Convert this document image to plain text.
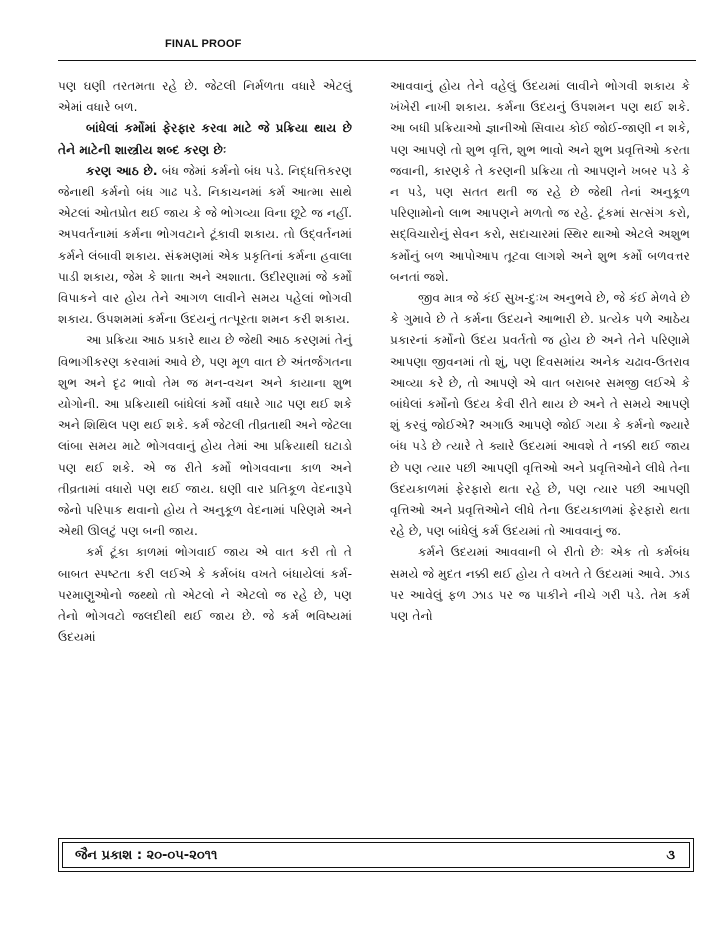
FINAL PROOF

પણ ઘણી તરતમતા રહે છે. જેટલી નિર્મળતા વધારે એટલું એમાં વધારે બળ.

બાંધેલાં કર્મોમાં ફેરફાર કરવા માટે જે પ્રક્રિયા થાય છે તેને માટેની શાસ્ત્રીય શબ્દ કરણ છેઃ

કરણ આઠ છે. બંધ જેમાં કર્મનો બંધ પડે. નિદ્ધત્તિકરણ જેનાથી કર્મનો બંધ ગાઢ પડે. નિકાચનમાં કર્મ આત્મા સાથે એટલાં ઓતપ્રોત થઈ જાય કે જે ભોગવ્યા વિના છૂટે જ નહીં. અપવર્તનામાં કર્મના ભોગવટાને ટૂંકાવી શકાય. તો ઉદ્‌વર્તનમાં કર્મને લંબાવી શકાય. સંક્રમણમાં એક પ્રકૃતિનાં કર્મના હવાલા પાડી શકાય, જેમ કે શાતા અને અશાતા. ઉદીરણામાં જે કર્મો વિપાકને વાર હોય તેને આગળ લાવીને સમય પહેલાં ભોગવી શકાય. ઉપશમમાં કર્મના ઉદયનું તત્પૂરતા શમન કરી શકાય.

આ પ્રક્રિયા આઠ પ્રકારે થાય છે જેથી આઠ કરણમાં તેનું વિભાગીકરણ કરવામાં આવે છે, પણ મૂળ વાત છે અંતર્જગતના શુભ અને દૃઢ ભાવો તેમ જ મન-વચન અને કાયાના શુભ યોગોની. આ પ્રક્રિયાથી બાંધેલાં કર્મો વધારે ગાઢ પણ થઈ શકે અને શિથિલ પણ થઈ શકે. કર્મ જેટલી તીવ્રતાથી અને જેટલા લાંબા સમય માટે ભોગવવાનું હોય તેમાં આ પ્રક્રિયાથી ઘટાડો પણ થઈ શકે. એ જ રીતે કર્મો ભોગવવાના કાળ અને તીવ્રતામાં વધારો પણ થઈ જાય. ઘણી વાર પ્રતિકૂળ વેદનારૂપે જેનો પરિપાક થવાનો હોય તે અનુકૂળ વેદનામાં પરિણમે અને એથી ઊલટું પણ બની જાય.

કર્મ ટૂંકા કાળમાં ભોગવાઈ જાય એ વાત કરી તો તે બાબત સ્પષ્ટતા કરી લઈએ કે કર્મબંધ વખતે બંધાયેલાં કર્મ-પરમાણુઓનો જથ્થો તો એટલો ને એટલો જ રહે છે, પણ તેનો ભોગવટો જલદીથી થઈ જાય છે. જે કર્મ ભવિષ્યમાં ઉદયમાં

આવવાનું હોય તેને વહેલું ઉદયમાં લાવીને ભોગવી શકાય કે ખંખેરી નાખી શકાય. કર્મના ઉદયનું ઉપશમન પણ થઈ શકે. આ બધી પ્રક્રિયાઓ જ્ઞાનીઓ સિવાય કોઈ જોઈ-જાણી ન શકે, પણ આપણે તો શુભ વૃત્તિ, શુભ ભાવો અને શુભ પ્રવૃત્તિઓ કરતા જવાની, કારણકે તે કરણની પ્રક્રિયા તો આપણને ખબર પડે કે ન પડે, પણ સતત થતી જ રહે છે જેથી તેનાં અનુકૂળ પરિણામોનો લાભ આપણને મળતો જ રહે. ટૂંકમાં સત્સંગ કરો, સદ્‌વિચારોનું સેવન કરો, સદાચારમાં સ્થિર થાઓ એટલે અશુભ કર્મોનું બળ આપોઆપ તૂટવા લાગશે અને શુભ કર્મો બળવત્તર બનતાં જશે.

જીવ માત્ર જે કંઈ સુખ-દુઃખ અનુભવે છે, જે કંઈ મેળવે છે કે ગુમાવે છે તે કર્મના ઉદયને આભારી છે. પ્રત્યેક પળે આઠેય પ્રકારનાં કર્મોનો ઉદય પ્રવર્તતો જ હોય છે અને તેને પરિણામે આપણા જીવનમાં તો શું, પણ દિવસમાંય અનેક ચઢાવ-ઉતરાવ આવ્યા કરે છે, તો આપણે એ વાત બરાબર સમજી લઈએ કે બાંધેલાં કર્મોનો ઉદય કેવી રીતે થાય છે અને તે સમયે આપણે શું કરવું જોઈએ? અગાઉ આપણે જોઈ ગયા કે કર્મનો જ્યારે બંધ પડે છે ત્યારે તે ક્યારે ઉદયમાં આવશે તે નક્કી થઈ જાય છે પણ ત્યાર પછી આપણી વૃત્તિઓ અને પ્રવૃત્તિઓને લીધે તેના ઉદયકાળમાં ફેરફારો થતા રહે છે, પણ ત્યાર પછી આપણી વૃત્તિઓ અને પ્રવૃત્તિઓને લીધે તેના ઉદયકાળમાં ફેરફારો થતા રહે છે, પણ બાંધેલું કર્મ ઉદયમાં તો આવવાનું જ.

કર્મને ઉદયમાં આવવાની બે રીતો છેઃ એક તો કર્મબંધ સમયે જે મુદત નક્કી થઈ હોય તે વખતે તે ઉદયમાં આવે. ઝાડ પર આવેલું ફળ ઝાડ પર જ પાકીને નીચે ગરી પડે. તેમ કર્મ પણ તેનો

જૈન પ્રકાશ : ૨૦-૦૫-૨૦૧૧	૩
